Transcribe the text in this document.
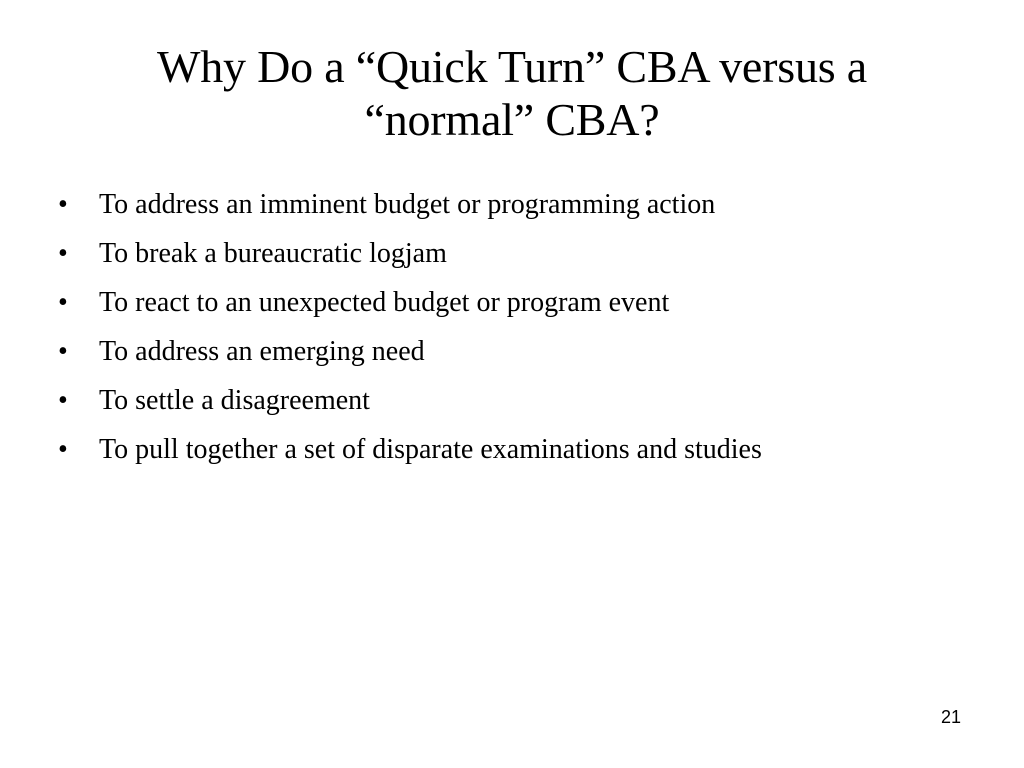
Why Do a “Quick Turn” CBA versus a
“normal” CBA?
•	To address an imminent budget or programming action
•	To break a bureaucratic logjam
•	To react to an unexpected budget or program event
•	To address an emerging need
•	To settle a disagreement
•	To pull together a set of disparate examinations and studies
21
